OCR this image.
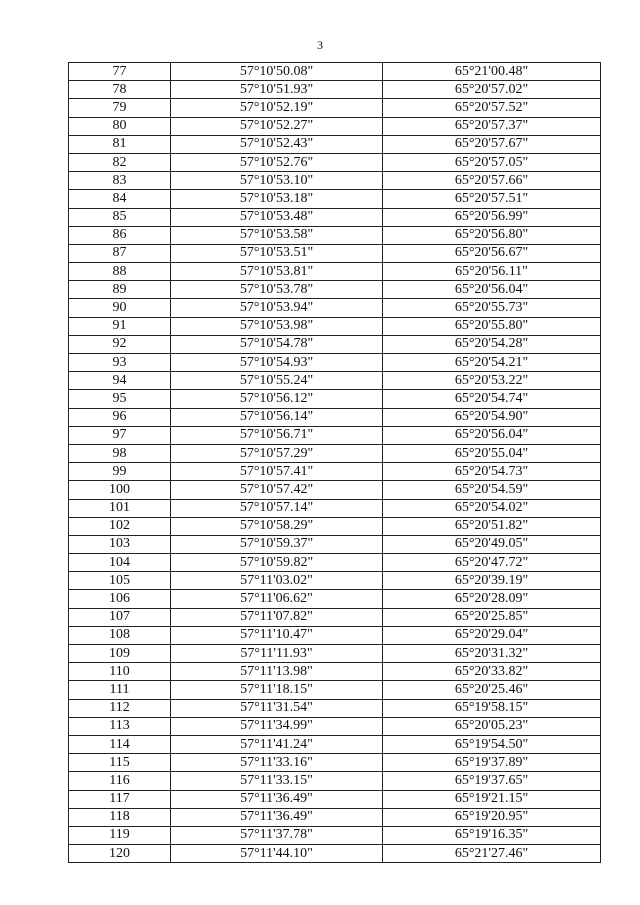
3
77	57°10'50.08"	65°21'00.48"
78	57°10'51.93"	65°20'57.02"
79	57°10'52.19"	65°20'57.52"
80	57°10'52.27"	65°20'57.37"
81	57°10'52.43"	65°20'57.67"
82	57°10'52.76"	65°20'57.05"
83	57°10'53.10"	65°20'57.66"
84	57°10'53.18"	65°20'57.51"
85	57°10'53.48"	65°20'56.99"
86	57°10'53.58"	65°20'56.80"
87	57°10'53.51"	65°20'56.67"
88	57°10'53.81"	65°20'56.11"
89	57°10'53.78"	65°20'56.04"
90	57°10'53.94"	65°20'55.73"
91	57°10'53.98"	65°20'55.80"
92	57°10'54.78"	65°20'54.28"
93	57°10'54.93"	65°20'54.21"
94	57°10'55.24"	65°20'53.22"
95	57°10'56.12"	65°20'54.74"
96	57°10'56.14"	65°20'54.90"
97	57°10'56.71"	65°20'56.04"
98	57°10'57.29"	65°20'55.04"
99	57°10'57.41"	65°20'54.73"
100	57°10'57.42"	65°20'54.59"
101	57°10'57.14"	65°20'54.02"
102	57°10'58.29"	65°20'51.82"
103	57°10'59.37"	65°20'49.05"
104	57°10'59.82"	65°20'47.72"
105	57°11'03.02"	65°20'39.19"
106	57°11'06.62"	65°20'28.09"
107	57°11'07.82"	65°20'25.85"
108	57°11'10.47"	65°20'29.04"
109	57°11'11.93"	65°20'31.32"
110	57°11'13.98"	65°20'33.82"
111	57°11'18.15"	65°20'25.46"
112	57°11'31.54"	65°19'58.15"
113	57°11'34.99"	65°20'05.23"
114	57°11'41.24"	65°19'54.50"
115	57°11'33.16"	65°19'37.89"
116	57°11'33.15"	65°19'37.65"
117	57°11'36.49"	65°19'21.15"
118	57°11'36.49"	65°19'20.95"
119	57°11'37.78"	65°19'16.35"
120	57°11'44.10"	65°21'27.46"
